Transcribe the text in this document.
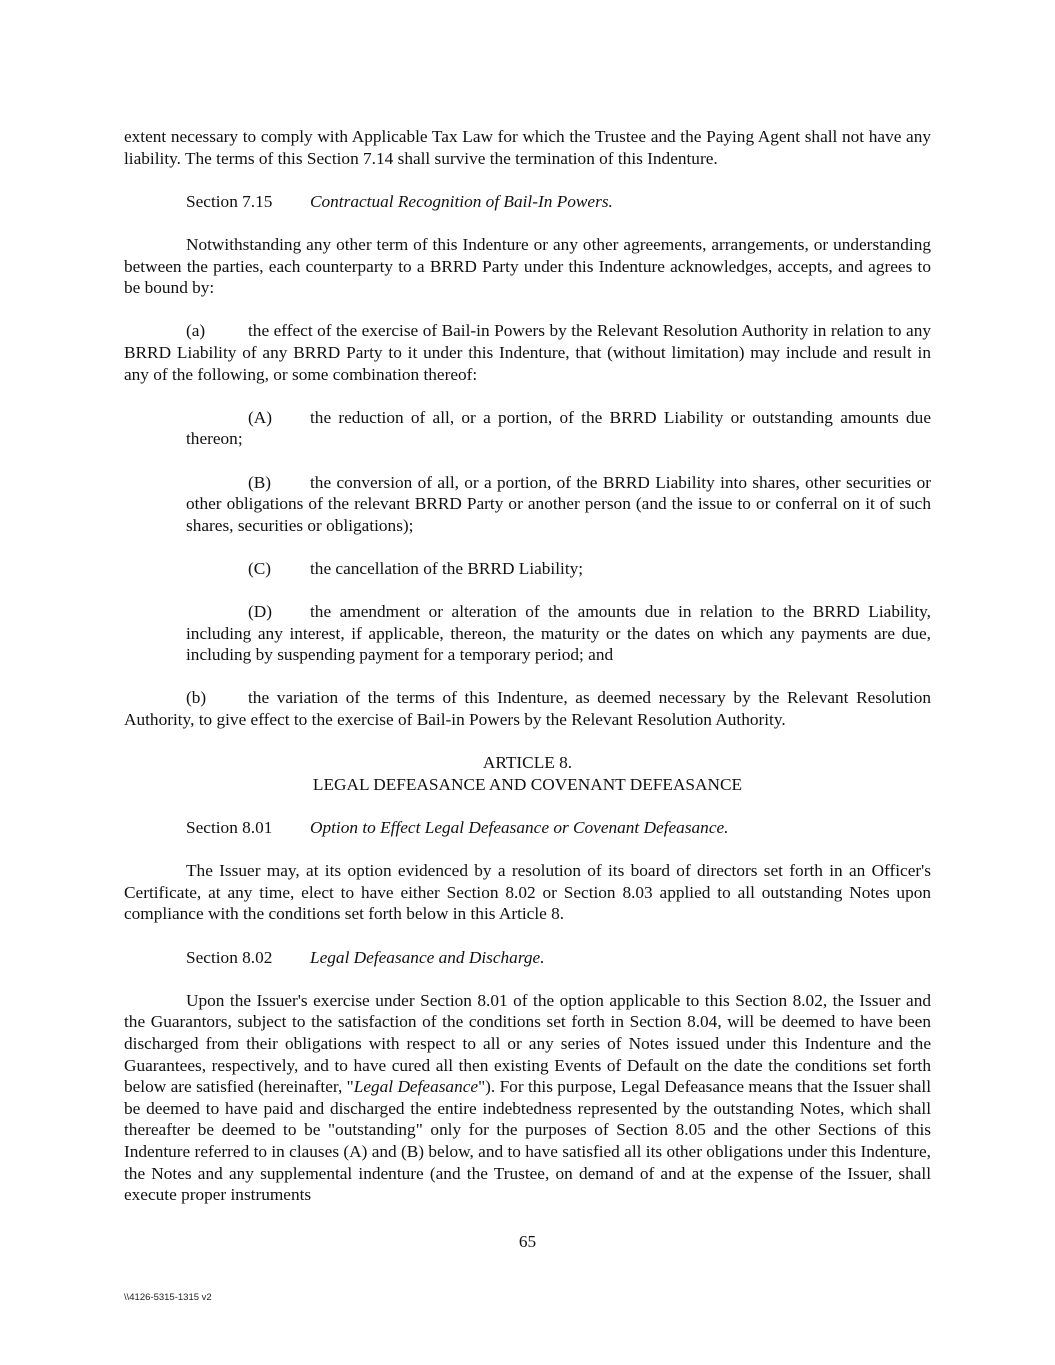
extent necessary to comply with Applicable Tax Law for which the Trustee and the Paying Agent shall not have any liability. The terms of this Section 7.14 shall survive the termination of this Indenture.

Section 7.15 Contractual Recognition of Bail-In Powers.

Notwithstanding any other term of this Indenture or any other agreements, arrangements, or understanding between the parties, each counterparty to a BRRD Party under this Indenture acknowledges, accepts, and agrees to be bound by:

(a) the effect of the exercise of Bail-in Powers by the Relevant Resolution Authority in relation to any BRRD Liability of any BRRD Party to it under this Indenture, that (without limitation) may include and result in any of the following, or some combination thereof:

(A) the reduction of all, or a portion, of the BRRD Liability or outstanding amounts due thereon;

(B) the conversion of all, or a portion, of the BRRD Liability into shares, other securities or other obligations of the relevant BRRD Party or another person (and the issue to or conferral on it of such shares, securities or obligations);

(C) the cancellation of the BRRD Liability;

(D) the amendment or alteration of the amounts due in relation to the BRRD Liability, including any interest, if applicable, thereon, the maturity or the dates on which any payments are due, including by suspending payment for a temporary period; and

(b) the variation of the terms of this Indenture, as deemed necessary by the Relevant Resolution Authority, to give effect to the exercise of Bail-in Powers by the Relevant Resolution Authority.

ARTICLE 8.
LEGAL DEFEASANCE AND COVENANT DEFEASANCE
Section 8.01 Option to Effect Legal Defeasance or Covenant Defeasance.

The Issuer may, at its option evidenced by a resolution of its board of directors set forth in an Officer's Certificate, at any time, elect to have either Section 8.02 or Section 8.03 applied to all outstanding Notes upon compliance with the conditions set forth below in this Article 8.

Section 8.02 Legal Defeasance and Discharge.

Upon the Issuer's exercise under Section 8.01 of the option applicable to this Section 8.02, the Issuer and the Guarantors, subject to the satisfaction of the conditions set forth in Section 8.04, will be deemed to have been discharged from their obligations with respect to all or any series of Notes issued under this Indenture and the Guarantees, respectively, and to have cured all then existing Events of Default on the date the conditions set forth below are satisfied (hereinafter, "Legal Defeasance"). For this purpose, Legal Defeasance means that the Issuer shall be deemed to have paid and discharged the entire indebtedness represented by the outstanding Notes, which shall thereafter be deemed to be "outstanding" only for the purposes of Section 8.05 and the other Sections of this Indenture referred to in clauses (A) and (B) below, and to have satisfied all its other obligations under this Indenture, the Notes and any supplemental indenture (and the Trustee, on demand of and at the expense of the Issuer, shall execute proper instruments

65
\\4126-5315-1315 v2
